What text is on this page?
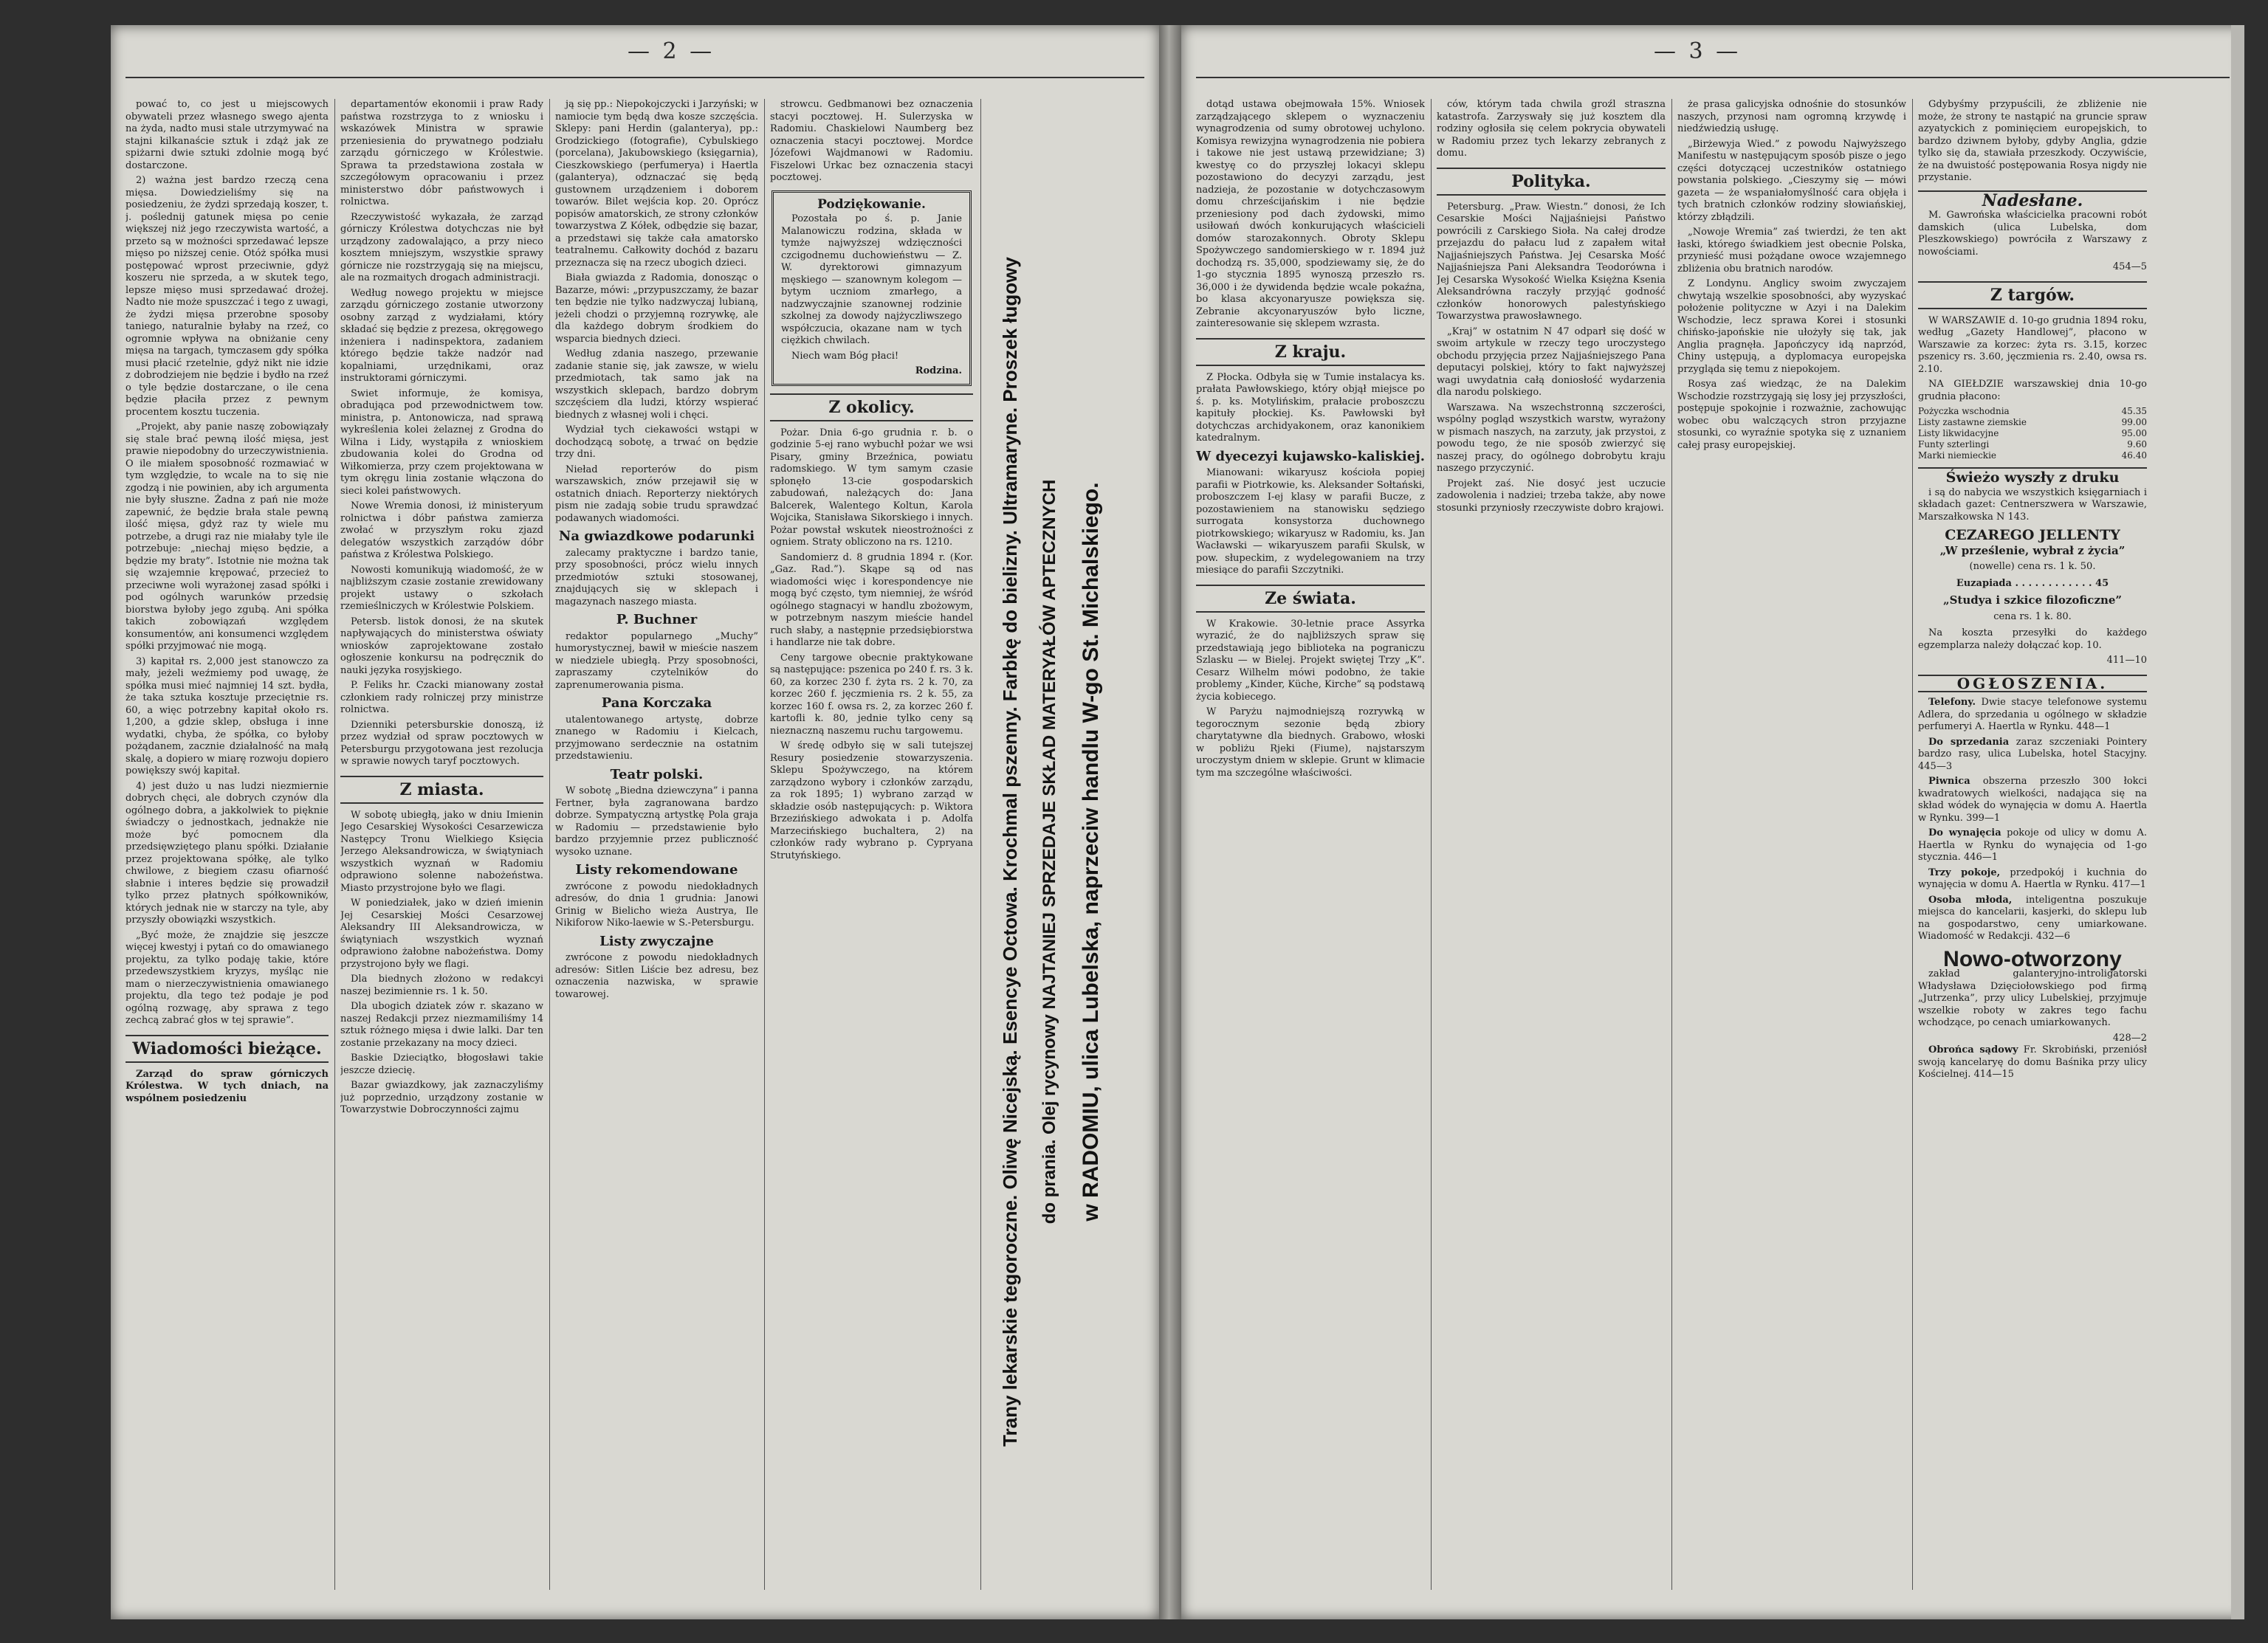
— 2 —

pować to, co jest u miejscowych obywateli przez własnego swego ajenta na żyda, nadto musi stale utrzymywać na stajni kilkanaście sztuk i zdąż jak ze spiżarni dwie sztuki zdolnie mogą być dostarczone.

2) ważna jest bardzo rzeczą cena mięsa. Dowiedzieliśmy się na posiedzeniu, że żydzi sprzedają koszer, t. j. poślednij gatunek mięsa po cenie większej niż jego rzeczywista wartość, a przeto są w możności sprzedawać lepsze mięso po niższej cenie. Otóż spółka musi postępować wprost przeciwnie, gdyż koszeru nie sprzeda, a w skutek tego, lepsze mięso musi sprzedawać drożej. Nadto nie może spuszczać i tego z uwagi, że żydzi mięsa przerobne sposoby taniego, naturalnie byłaby na rzeź, co ogromnie wpływa na obniżanie ceny mięsa na targach, tymczasem gdy spółka musi płacić rzetelnie, gdyż nikt nie idzie z dobrodziejem nie będzie i bydło na rzeź o tyle będzie dostarczane, o ile cena będzie płaciła przez z pewnym procentem kosztu tuczenia.

„Projekt, aby panie naszę zobowiązały się stale brać pewną ilość mięsa, jest prawie niepodobny do urzeczywistnienia. O ile miałem sposobność rozmawiać w tym względzie, to wcale na to się nie zgodzą i nie powinien, aby ich argumenta nie były słuszne. Żadna z pań nie może zapewnić, że będzie brała stale pewną ilość mięsa, gdyż raz ty wiele mu potrzebe, a drugi raz nie miałaby tyle ile potrzebuje: „niechaj mięso będzie, a będzie my braty”. Istotnie nie można tak się wzajemnie krępować, przecież to przeciwne woli wyrażonej zasad spółki i pod ogólnych warunków przedsię biorstwa byłoby jego zgubą. Ani spółka takich zobowiązań względem konsumentów, ani konsumenci względem spółki przyjmować nie mogą.

3) kapitał rs. 2,000 jest stanowczo za mały, jeżeli weźmiemy pod uwagę, że spółka musi mieć najmniej 14 szt. bydła, że taka sztuka kosztuje przeciętnie rs. 60, a więc potrzebny kapitał około rs. 1,200, a gdzie sklep, obsługa i inne wydatki, chyba, że spółka, co byłoby pożądanem, zacznie działalność na małą skalę, a dopiero w miarę rozwoju dopiero powiększy swój kapitał.

4) jest dużo u nas ludzi niezmiernie dobrych chęci, ale dobrych czynów dla ogólnego dobra, a jakkolwiek to pięknie świadczy o jednostkach, jednakże nie może być pomocnem dla przedsięwziętego planu spółki. Działanie przez projektowana spółkę, ale tylko chwilowe, z biegiem czasu ofiarność słabnie i interes będzie się prowadził tylko przez płatnych spółkowników, których jednak nie w starczy na tyle, aby przyszły obowiązki wszystkich.

„Być może, że znajdzie się jeszcze więcej kwestyj i pytań co do omawianego projektu, za tylko podaję takie, które przedewszystkiem kryzys, myśląc nie mam o nierzeczywistnienia omawianego projektu, dla tego też podaje je pod ogólną rozwagę, aby sprawa z tego zechcą zabrać głos w tej sprawie”.

Wiadomości bieżące.

Zarząd do spraw górniczych Królestwa. W tych dniach, na wspólnem posiedzeniu

departamentów ekonomii i praw Rady państwa rozstrzyga to z wniosku i wskazówek Ministra w sprawie przeniesienia do prywatnego podziału zarządu górniczego w Królestwie. Sprawa ta przedstawiona została w szczegółowym opracowaniu i przez ministerstwo dóbr państwowych i rolnictwa.

Rzeczywistość wykazała, że zarząd górniczy Królestwa dotychczas nie był urządzony zadowalająco, a przy nieco kosztem mniejszym, wszystkie sprawy górnicze nie rozstrzygają się na miejscu, ale na rozmaitych drogach administracji.

Według nowego projektu w miejsce zarządu górniczego zostanie utworzony osobny zarząd z wydziałami, który składać się będzie z prezesa, okręgowego inżeniera i nadinspektora, zadaniem którego będzie także nadzór nad kopalniami, urzędnikami, oraz instruktorami górniczymi.

Swiet informuje, że komisya, obradująca pod przewodnictwem tow. ministra, p. Antonowicza, nad sprawą wykreślenia kolei żelaznej z Grodna do Wilna i Lidy, wystąpiła z wnioskiem zbudowania kolei do Grodna od Wiłkomierza, przy czem projektowana w tym okręgu linia zostanie włączona do sieci kolei państwowych.

Nowe Wremia donosi, iż ministeryum rolnictwa i dóbr państwa zamierza zwołać w przyszłym roku zjazd delegatów wszystkich zarządów dóbr państwa z Królestwa Polskiego.

Nowosti komunikują wiadomość, że w najbliższym czasie zostanie zrewidowany projekt ustawy o szkołach rzemieślniczych w Królestwie Polskiem.

Petersb. listok donosi, że na skutek napływających do ministerstwa oświaty wniosków zaprojektowane zostało ogłoszenie konkursu na podręcznik do nauki języka rosyjskiego.

P. Feliks hr. Czacki mianowany został członkiem rady rolniczej przy ministrze rolnictwa.

Dzienniki petersburskie donoszą, iż przez wydział od spraw pocztowych w Petersburgu przygotowana jest rezolucja w sprawie nowych taryf pocztowych.

Z miasta.

W sobotę ubiegłą, jako w dniu Imienin Jego Cesarskiej Wysokości Cesarzewicza Następcy Tronu Wielkiego Księcia Jerzego Aleksandrowicza, w świątyniach wszystkich wyznań w Radomiu odprawiono solenne nabożeństwa. Miasto przystrojone było we flagi.

W poniedziałek, jako w dzień imienin Jej Cesarskiej Mości Cesarzowej Aleksandry III Aleksandrowicza, w świątyniach wszystkich wyznań odprawiono żałobne nabożeństwa. Domy przystrojono były we flagi.

Dla biednych złożono w redakcyi naszej bezimiennie rs. 1 k. 50.

Dla ubogich dziatek zów r. skazano w naszej Redakcji przez niezmamiliśmy 14 sztuk różnego mięsa i dwie lalki. Dar ten zostanie przekazany na mocy dzieci.

Baskie Dzieciątko, błogosławi takie jeszcze dziecię.

Bazar gwiazdkowy, jak zaznaczyliśmy już poprzednio, urządzony zostanie w Towarzystwie Dobroczynności zajmu

ją się pp.: Niepokojczycki i Jarzyński; w namiocie tym będą dwa kosze szczęścia. Sklepy: pani Herdin (galanterya), pp.: Grodzickiego (fotografie), Cybulskiego (porcelana), Jakubowskiego (księgarnia), Cieszkowskiego (perfumerya) i Haertla (galanterya), odznaczać się będą gustownem urządzeniem i doborem towarów. Bilet wejścia kop. 20. Oprócz popisów amatorskich, ze strony członków towarzystwa Z Kółek, odbędzie się bazar, a przedstawi się także cała amatorsko teatralnemu. Całkowity dochód z bazaru przeznacza się na rzecz ubogich dzieci.

Biała gwiazda z Radomia, donosząc o Bazarze, mówi: „przypuszczamy, że bazar ten będzie nie tylko nadzwyczaj lubianą, jeżeli chodzi o przyjemną rozrywkę, ale dla każdego dobrym środkiem do wsparcia biednych dzieci.

Według zdania naszego, przewanie zadanie stanie się, jak zawsze, w wielu przedmiotach, tak samo jak na wszystkich sklepach, bardzo dobrym szczęściem dla ludzi, którzy wspierać biednych z własnej woli i chęci.

Wydział tych ciekawości wstąpi w dochodzącą sobotę, a trwać on będzie trzy dni.

Nieład reporterów do pism warszawskich, znów przejawił się w ostatnich dniach. Reporterzy niektórych pism nie zadają sobie trudu sprawdzać podawanych wiadomości.

Na gwiazdkowe podarunki

zalecamy praktyczne i bardzo tanie, przy sposobności, prócz wielu innych przedmiotów sztuki stosowanej, znajdujących się w sklepach i magazynach naszego miasta.

P. Buchner

redaktor popularnego „Muchy” humorystycznej, bawił w mieście naszem w niedziele ubiegłą. Przy sposobności, zapraszamy czytelników do zaprenumerowania pisma.

Pana Korczaka

utalentowanego artystę, dobrze znanego w Radomiu i Kielcach, przyjmowano serdecznie na ostatnim przedstawieniu.

Teatr polski.

W sobotę „Biedna dziewczyna” i panna Fertner, była zagranowana bardzo dobrze. Sympatyczną artystkę Pola graja w Radomiu — przedstawienie było bardzo przyjemnie przez publiczność wysoko uznane.

Listy rekomendowane

zwrócone z powodu niedokładnych adresów, do dnia 1 grudnia: Janowi Grinig w Bielicho wieża Austrya, Ile Nikiforow Niko-laewie w S.-Petersburgu.

Listy zwyczajne

zwrócone z powodu niedokładnych adresów: Sitlen Liście bez adresu, bez oznaczenia nazwiska, w sprawie towarowej.

strowcu. Gedbmanowi bez oznaczenia stacyi pocztowej. H. Sulerzyska w Radomiu. Chaskielowi Naumberg bez oznaczenia stacyi pocztowej. Mordce Józefowi Wajdmanowi w Radomiu. Fiszelowi Urkac bez oznaczenia stacyi pocztowej.

Podziękowanie.

Pozostała po ś. p. Janie Malanowiczu rodzina, składa w tymże najwyższej wdzięczności czcigodnemu duchowieństwu — Z. W. dyrektorowi gimnazyum męskiego — szanownym kolegom — bytym uczniom zmarłego, a nadzwyczajnie szanownej rodzinie szkolnej za dowody najżyczliwszego współczucia, okazane nam w tych ciężkich chwilach.

Niech wam Bóg płaci!

Rodzina.
Z okolicy.

Pożar. Dnia 6-go grudnia r. b. o godzinie 5-ej rano wybuchł pożar we wsi Pisary, gminy Brzeźnica, powiatu radomskiego. W tym samym czasie spłonęło 13-cie gospodarskich zabudowań, należących do: Jana Balcerek, Walentego Koltun, Karola Wojcika, Stanisława Sikorskiego i innych. Pożar powstał wskutek nieostrożności z ogniem. Straty obliczono na rs. 1210.

Sandomierz d. 8 grudnia 1894 r. (Kor. „Gaz. Rad.”). Skąpe są od nas wiadomości więc i korespondencye nie mogą być często, tym niemniej, że wśród ogólnego stagnacyi w handlu zbożowym, w potrzebnym naszym mieście handel ruch słaby, a następnie przedsiębiorstwa i handlarze nie tak dobre.

Ceny targowe obecnie praktykowane są następujące: pszenica po 240 f. rs. 3 k. 60, za korzec 230 f. żyta rs. 2 k. 70, za korzec 260 f. jęczmienia rs. 2 k. 55, za korzec 160 f. owsa rs. 2, za korzec 260 f. kartofli k. 80, jednie tylko ceny są nieznaczną naszemu ruchu targowemu.

W średę odbyło się w sali tutejszej Resury posiedzenie stowarzyszenia. Sklepu Spożywczego, na którem zarządzono wybory i członków zarządu, za rok 1895; 1) wybrano zarząd w składzie osób następujących: p. Wiktora Brzezińskiego adwokata i p. Adolfa Marzecińskiego buchaltera, 2) na członków rady wybrano p. Cypryana Strutyńskiego.	Trany lekarskie tegoroczne. Oliwę Nicejską. Esencye Octowa. Krochmal pszenny. Farbkę do bielizny. Ultramaryne. Proszek ługowy	do prania. Olej rycynowy NAJTANIEJ SPRZEDAJE SKŁAD MATERYAŁÓW APTECZNYCH w RADOMIU, ulica Lubelska, naprzeciw handlu W-go St. Michalskiego.
— 3 —

dotąd ustawa obejmowała 15%. Wniosek zarządzającego sklepem o wyznaczeniu wynagrodzenia od sumy obrotowej uchylono. Komisya rewizyjna wynagrodzenia nie pobiera i takowe nie jest ustawą przewidziane; 3) kwestyę co do przyszłej lokacyi sklepu pozostawiono do decyzyi zarządu, jest nadzieja, że pozostanie w dotychczasowym domu chrześcijańskim i nie będzie przeniesiony pod dach żydowski, mimo usiłowań dwóch konkurujących właścicieli domów starozakonnych. Obroty Sklepu Spożywczego sandomierskiego w r. 1894 już dochodzą rs. 35,000, spodziewamy się, że do 1-go stycznia 1895 wynoszą przeszło rs. 36,000 i że dywidenda będzie wcale pokaźna, bo klasa akcyonaryusze powiększa się. Zebranie akcyonaryuszów było liczne, zainteresowanie się sklepem wzrasta.

Z kraju.

Z Płocka. Odbyła się w Tumie instalacya ks. prałata Pawłowskiego, który objął miejsce po ś. p. ks. Motylińskim, prałacie proboszczu kapituły płockiej. Ks. Pawłowski był dotychczas archidyakonem, oraz kanonikiem katedralnym.

W dyecezyi kujawsko-kaliskiej.

Mianowani: wikaryusz kościoła popiej parafii w Piotrkowie, ks. Aleksander Sołtański, proboszczem I-ej klasy w parafii Bucze, z pozostawieniem na stanowisku sędziego surrogata konsystorza duchownego piotrkowskiego; wikaryusz w Radomiu, ks. Jan Wacławski — wikaryuszem parafii Skulsk, w pow. słupeckim, z wydelegowaniem na trzy miesiące do parafii Szczytniki.

Ze świata.

W Krakowie. 30-letnie prace Assyrka wyrazić, że do najbliższych spraw się przedstawiają jego biblioteka na pograniczu Szlasku — w Bielej. Projekt swiętej Trzy „K”. Cesarz Wilhelm mówi podobno, że takie problemy „Kinder, Küche, Kirche” są podstawą życia kobiecego.

W Paryżu najmodniejszą rozrywką w tegorocznym sezonie będą zbiory charytatywne dla biednych. Grabowo, włoski w pobliżu Rjeki (Fiume), najstarszym uroczystym dniem w sklepie. Grunt w klimacie tym ma szczególne właściwości.

ców, którym tada chwila groźl straszna katastrofa. Zarzyswały się już kosztem dla rodziny ogłosiła się celem pokrycia obywateli w Radomiu przez tych lekarzy zebranych z domu.

Polityka.

Petersburg. „Praw. Wiestn.” donosi, że Ich Cesarskie Mości Najjaśniejsi Państwo powrócili z Carskiego Sioła. Na całej drodze przejazdu do pałacu lud z zapałem witał Najjaśniejszych Państwa. Jej Cesarska Mość Najjaśniejsza Pani Aleksandra Teodorówna i Jej Cesarska Wysokość Wielka Księżna Ksenia Aleksandrówna raczyły przyjąć godność członków honorowych palestyńskiego Towarzystwa prawosławnego.

„Kraj” w ostatnim N 47 odparł się dość w swoim artykule w rzeczy tego uroczystego obchodu przyjęcia przez Najjaśniejszego Pana deputacyi polskiej, który to fakt najwyższej wagi uwydatnia całą doniosłość wydarzenia dla narodu polskiego.

Warszawa. Na wszechstronną szczerości, wspólny pogląd wszystkich warstw, wyrażony w pismach naszych, na zarzuty, jak przystoi, z powodu tego, że nie sposób zwierzyć się naszej pracy, do ogólnego dobrobytu kraju naszego przyczynić.

Projekt zaś. Nie dosyć jest uczucie zadowolenia i nadziei; trzeba także, aby nowe stosunki przyniosły rzeczywiste dobro krajowi.

że prasa galicyjska odnośnie do stosunków naszych, przynosi nam ogromną krzywdę i niedźwiedzią usługę.

„Birżewyja Wied.” z powodu Najwyższego Manifestu w następującym sposób pisze o jego części dotyczącej uczestników ostatniego powstania polskiego. „Cieszymy się — mówi gazeta — że wspaniałomyślność cara objęła i tych bratnich członków rodziny słowiańskiej, którzy zbłądzili.

„Nowoje Wremia” zaś twierdzi, że ten akt łaski, którego świadkiem jest obecnie Polska, przynieść musi pożądane owoce wzajemnego zbliżenia obu bratnich narodów.

Z Londynu. Anglicy swoim zwyczajem chwytają wszelkie sposobności, aby wyzyskać położenie polityczne w Azyi i na Dalekim Wschodzie, lecz sprawa Korei i stosunki chińsko-japońskie nie ułożyły się tak, jak Anglia pragnęła. Japończycy idą naprzód, Chiny ustępują, a dyplomacya europejska przygląda się temu z niepokojem.

Rosya zaś wiedząc, że na Dalekim Wschodzie rozstrzygają się losy jej przyszłości, postępuje spokojnie i rozważnie, zachowując wobec obu walczących stron przyjazne stosunki, co wyraźnie spotyka się z uznaniem całej prasy europejskiej.

Gdybyśmy przypuścili, że zbliżenie nie może, że strony te nastąpić na gruncie spraw azyatyckich z pominięciem europejskich, to bardzo dziwnem byłoby, gdyby Anglia, gdzie tylko się da, stawiała przeszkody. Oczywiście, że na dwuistość postępowania Rosya nigdy nie przystanie.

Nadesłane.

M. Gawrońska właścicielka pracowni robót damskich (ulica Lubelska, dom Pleszkowskiego) powróciła z Warszawy z nowościami.

454—5
Z targów.

W WARSZAWIE d. 10-go grudnia 1894 roku, według „Gazety Handlowej”, płacono w Warszawie za korzec: żyta rs. 3.15, korzec pszenicy rs. 3.60, jęczmienia rs. 2.40, owsa rs. 2.10.

NA GIEŁDZIE warszawskiej dnia 10-go grudnia płacono:

Pożyczka wschodnia	45.35
Listy zastawne ziemskie	99.00
Listy likwidacyjne	95.00
Funty szterlingi	9.60
Marki niemieckie	46.40
Świeżo wyszły z druku

i są do nabycia we wszystkich księgarniach i składach gazet: Centnerszwera w Warszawie, Marszałkowska N 143.

CEZAREGO JELLENTY
„W prześlenie, wybrał z życia”
(nowelle) cena rs. 1 k. 50.
Euzapiada . . . . . . . . . . . . 45
„Studya i szkice filozoficzne”
cena rs. 1 k. 80.

Na koszta przesyłki do każdego egzemplarza należy dołączać kop. 10.

411—10
OGŁOSZENIA.

Telefony. Dwie stacye telefonowe systemu Adlera, do sprzedania u ogólnego w składzie perfumeryi A. Haertla w Rynku. 448—1

Do sprzedania zaraz szczeniaki Pointery bardzo rasy, ulica Lubelska, hotel Stacyjny. 445—3

Piwnica obszerna przeszło 300 łokci kwadratowych wielkości, nadająca się na skład wódek do wynajęcia w domu A. Haertla w Rynku. 399—1

Do wynajęcia pokoje od ulicy w domu A. Haertla w Rynku do wynajęcia od 1-go stycznia. 446—1

Trzy pokoje, przedpokój i kuchnia do wynajęcia w domu A. Haertla w Rynku. 417—1

Osoba młoda, inteligentna poszukuje miejsca do kancelarii, kasjerki, do sklepu lub na gospodarstwo, ceny umiarkowane. Wiadomość w Redakcji. 432—6

Nowo-otworzony

zakład galanteryjno-introligatorski Władysława Dzięciołowskiego pod firmą „Jutrzenka”, przy ulicy Lubelskiej, przyjmuje wszelkie roboty w zakres tego fachu wchodzące, po cenach umiarkowanych.

428—2

Obrońca sądowy Fr. Skrobiński, przeniósł swoją kancelaryę do domu Baśnika przy ulicy Kościelnej. 414—15
